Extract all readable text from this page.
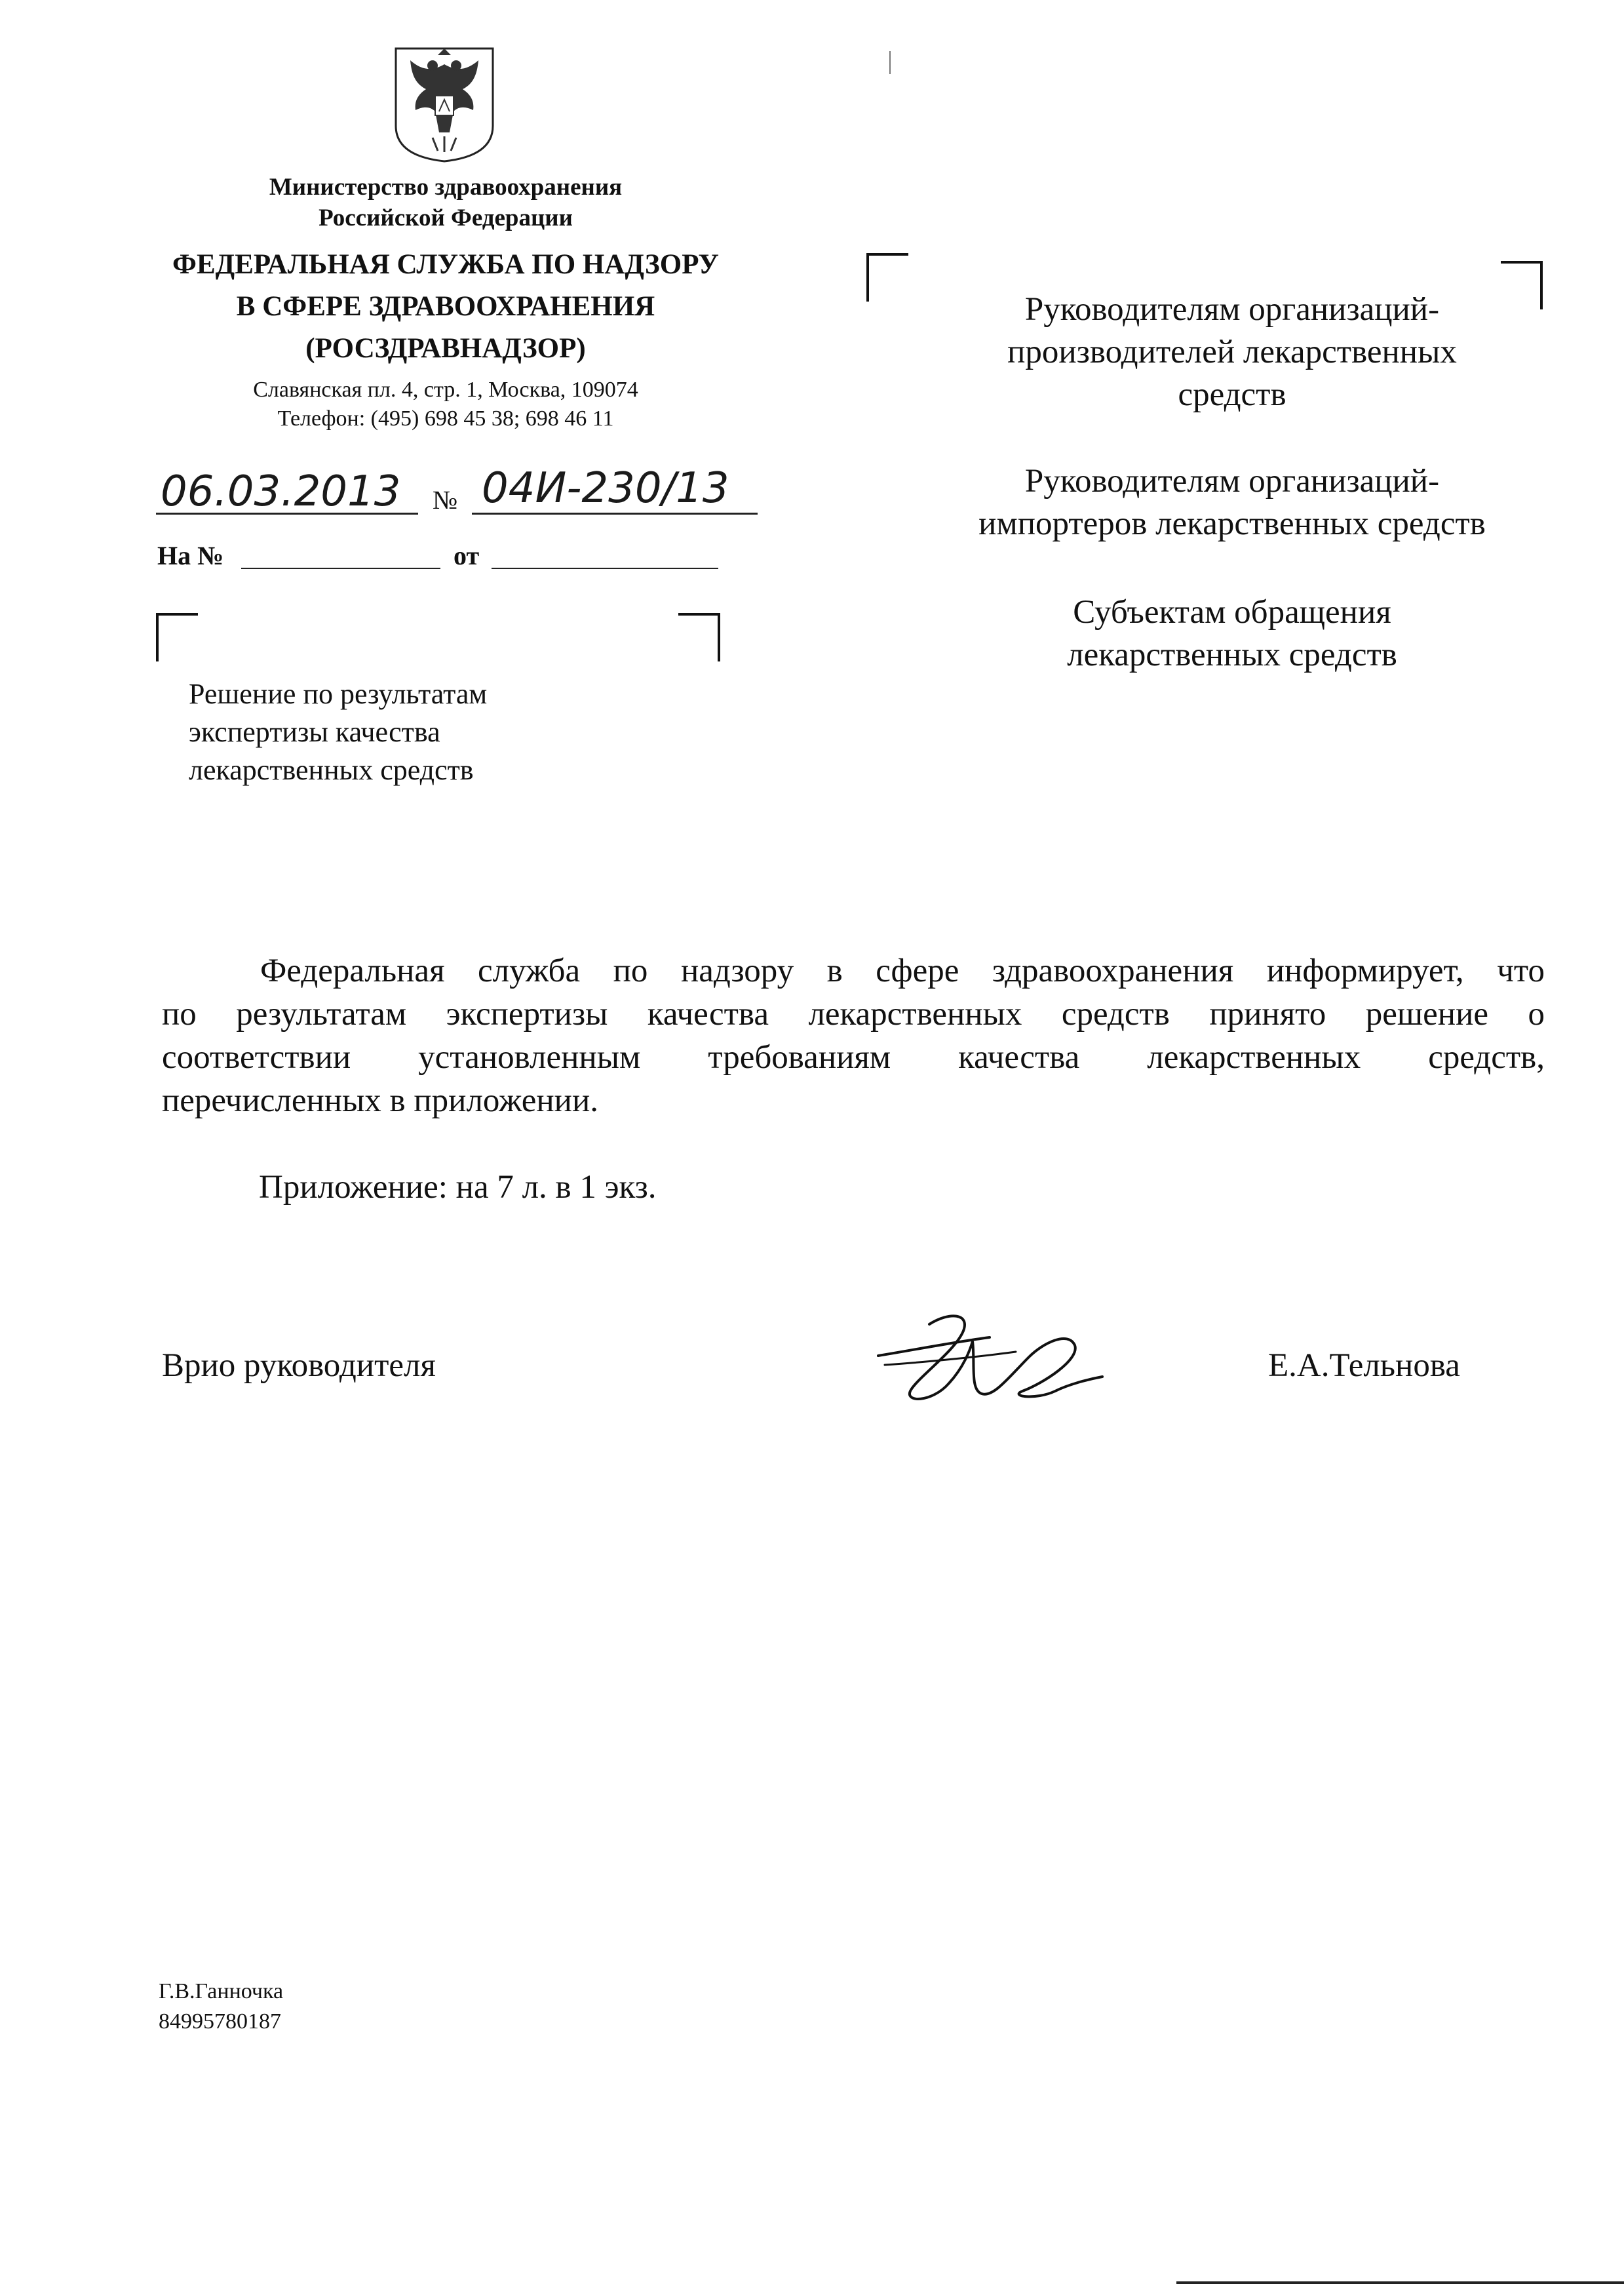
Министерство здравоохранения
Российской Федерации
ФЕДЕРАЛЬНАЯ СЛУЖБА ПО НАДЗОРУ
В СФЕРЕ ЗДРАВООХРАНЕНИЯ
(РОСЗДРАВНАДЗОР)
Славянская пл. 4, стр. 1, Москва, 109074
Телефон: (495) 698 45 38; 698 46 11
06.03.2013	№ 04И-230/13
На №	от
Решение по результатам
экспертизы качества
лекарственных средств
Руководителям организаций-
производителей лекарственных
средств
Руководителям организаций-
импортеров лекарственных средств
Субъектам обращения
лекарственных средств
Федеральная служба по надзору в сфере здравоохранения информирует, что
по результатам экспертизы качества лекарственных средств принято решение о
соответствии установленным требованиям качества лекарственных средств,
перечисленных в приложении.
Приложение: на 7 л. в 1 экз.
Врио руководителя	Е.А.Тельнова
Г.В.Ганночка
84995780187
